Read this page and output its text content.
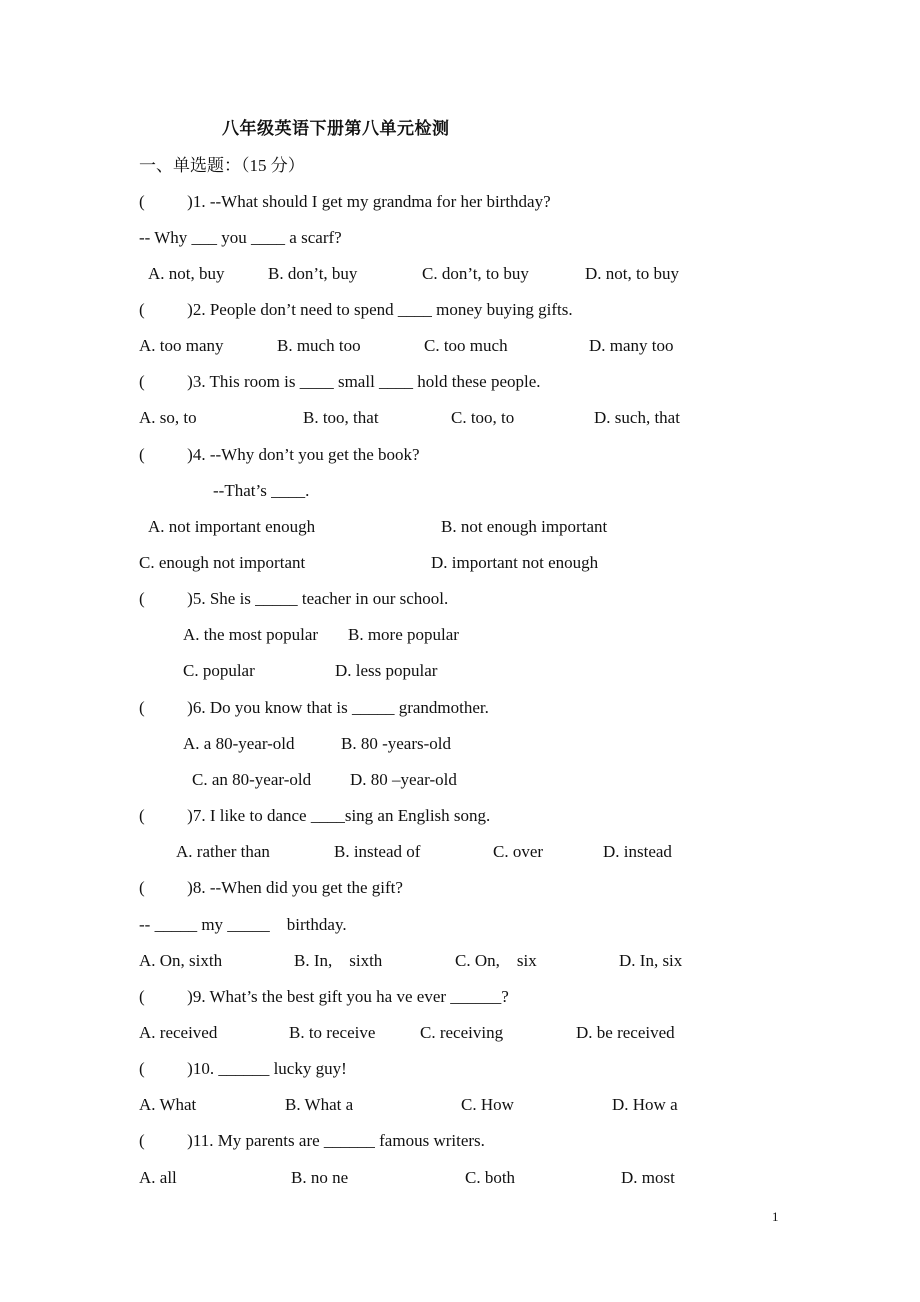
八年级英语下册第八单元检测
一、单选题：（15 分）
(          )1. --What should I get my grandma for her birthday?
-- Why ___ you ____ a scarf?
A. not, buy	B. don’t, buy	C. don’t, to buy	D. not, to buy
(          )2. People don’t need to spend ____ money buying gifts.
A. too many	B. much too	C. too much	D. many too
(          )3. This room is ____ small ____ hold these people.
A. so, to	B. too, that	C. too, to	D. such, that
(          )4. --Why don’t you get the book?
--That’s ____.
A. not important enough	B. not enough important
C. enough not important	D. important not enough
(          )5. She is _____ teacher in our school.
A. the most popular B. more popular
C. popular	D. less popular
(          )6. Do you know that is _____ grandmother.
A. a 80-year-old	B. 80 -years-old
C. an 80-year-old D. 80 –year-old
(          )7. I like to dance ____sing an English song.
A. rather than	B. instead of	C. over	D. instead
(          )8. --When did you get the gift?
-- _____ my _____    birthday.
A. On, sixth	B. In,    sixth	C. On,    six	D. In, six
(          )9. What’s the best gift you ha ve ever ______?
A. received	B. to receive	C. receiving	D. be received
(          )10. ______ lucky guy!
A. What	B. What a	C. How	D. How a
(          )11. My parents are ______ famous writers.
A. all	B. no ne	C. both	D. most
1
